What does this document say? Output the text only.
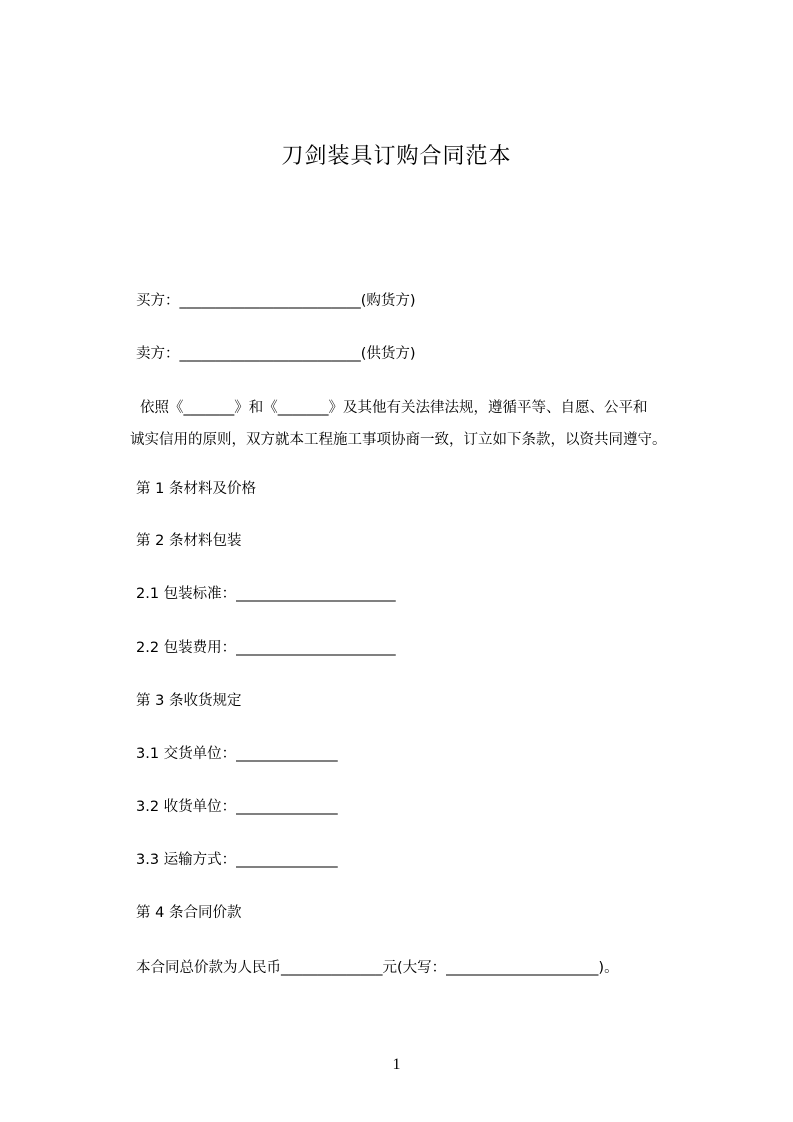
刀剑装具订购合同范本
买方：_________________________(购货方)
卖方：_________________________(供货方)
依照《_______》和《_______》及其他有关法律法规，遵循平等、自愿、公平和
诚实信用的原则，双方就本工程施工事项协商一致，订立如下条款，以资共同遵守。
第 1 条材料及价格
第 2 条材料包装
2.1 包装标准：______________________
2.2 包装费用：______________________
第 3 条收货规定
3.1 交货单位：______________
3.2 收货单位：______________
3.3 运输方式：______________
第 4 条合同价款
本合同总价款为人民币______________元(大写：_____________________)。
1
